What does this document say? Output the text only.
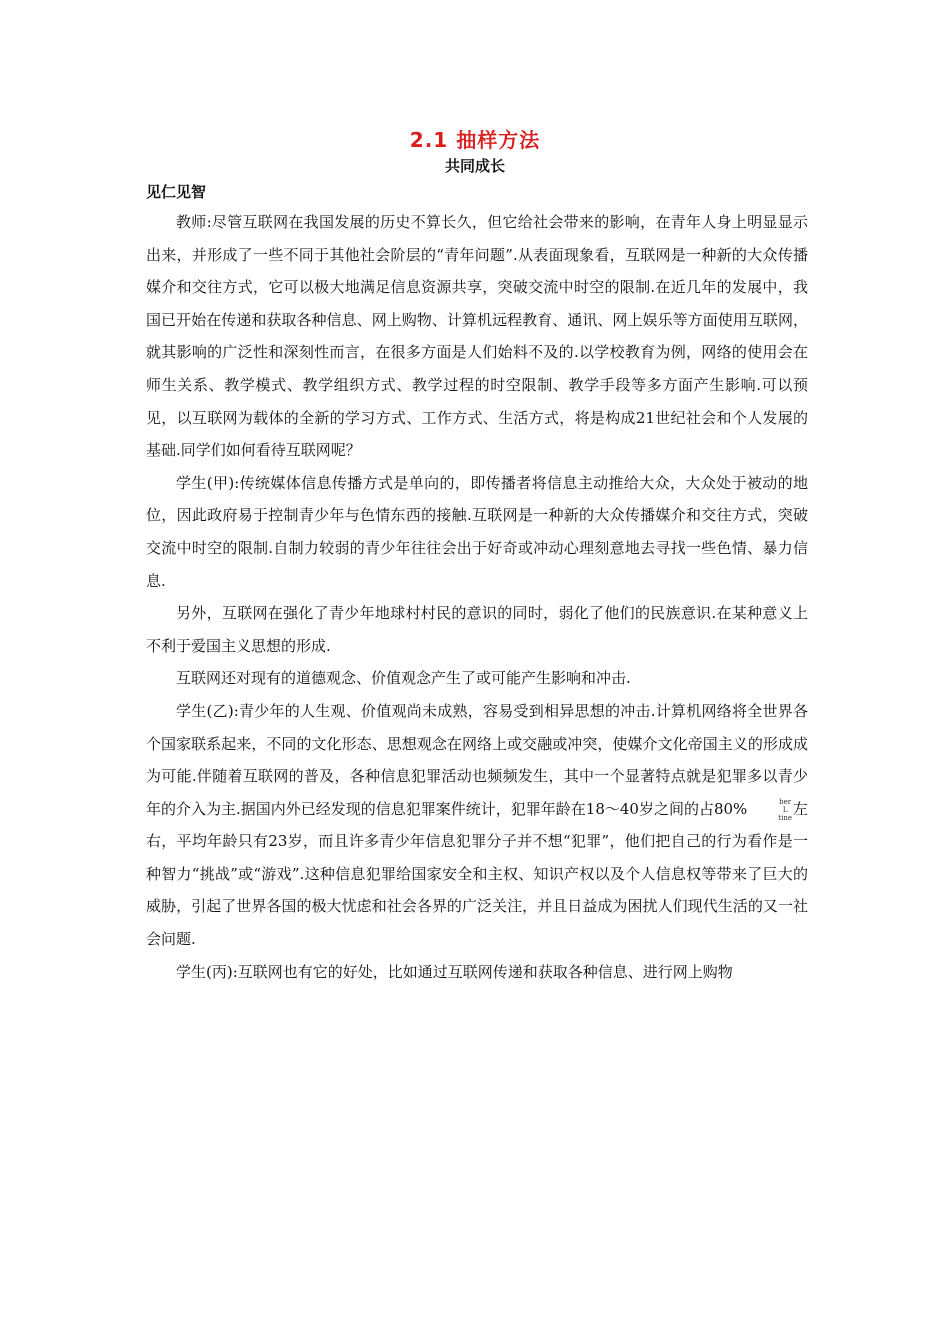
2.1 抽样方法
共同成长
见仁见智

教师:尽管互联网在我国发展的历史不算长久，但它给社会带来的影响，在青年人身上明显显示出来，并形成了一些不同于其他社会阶层的“青年问题”.从表面现象看，互联网是一种新的大众传播媒介和交往方式，它可以极大地满足信息资源共享，突破交流中时空的限制.在近几年的发展中，我国已开始在传递和获取各种信息、网上购物、计算机远程教育、通讯、网上娱乐等方面使用互联网，就其影响的广泛性和深刻性而言，在很多方面是人们始料不及的.以学校教育为例，网络的使用会在师生关系、教学模式、教学组织方式、教学过程的时空限制、教学手段等多方面产生影响.可以预见，以互联网为载体的全新的学习方式、工作方式、生活方式，将是构成21世纪社会和个人发展的基础.同学们如何看待互联网呢？

学生(甲):传统媒体信息传播方式是单向的，即传播者将信息主动推给大众，大众处于被动的地位，因此政府易于控制青少年与色情东西的接触.互联网是一种新的大众传播媒介和交往方式，突破交流中时空的限制.自制力较弱的青少年往往会出于好奇或冲动心理刻意地去寻找一些色情、暴力信息.

另外，互联网在强化了青少年地球村村民的意识的同时，弱化了他们的民族意识.在某种意义上不利于爱国主义思想的形成.

互联网还对现有的道德观念、价值观念产生了或可能产生影响和冲击.

学生(乙):青少年的人生观、价值观尚未成熟，容易受到相异思想的冲击.计算机网络将全世界各个国家联系起来，不同的文化形态、思想观念在网络上或交融或冲突，使媒介文化帝国主义的形成成为可能.伴随着互联网的普及，各种信息犯罪活动也频频发生，其中一个显著特点就是犯罪多以青少年的介入为主.据国内外已经发现的信息犯罪案件统计，犯罪年龄在18～40岁之间的占80%	ber
L
tine 左右，平均年龄只有23岁，而且许多青少年信息犯罪分子并不想“犯罪”，他们把自己的行为看作是一种智力“挑战”或“游戏”.这种信息犯罪给国家安全和主权、知识产权以及个人信息权等带来了巨大的威胁，引起了世界各国的极大忧虑和社会各界的广泛关注，并且日益成为困扰人们现代生活的又一社会问题.

学生(丙):互联网也有它的好处，比如通过互联网传递和获取各种信息、进行网上购物
